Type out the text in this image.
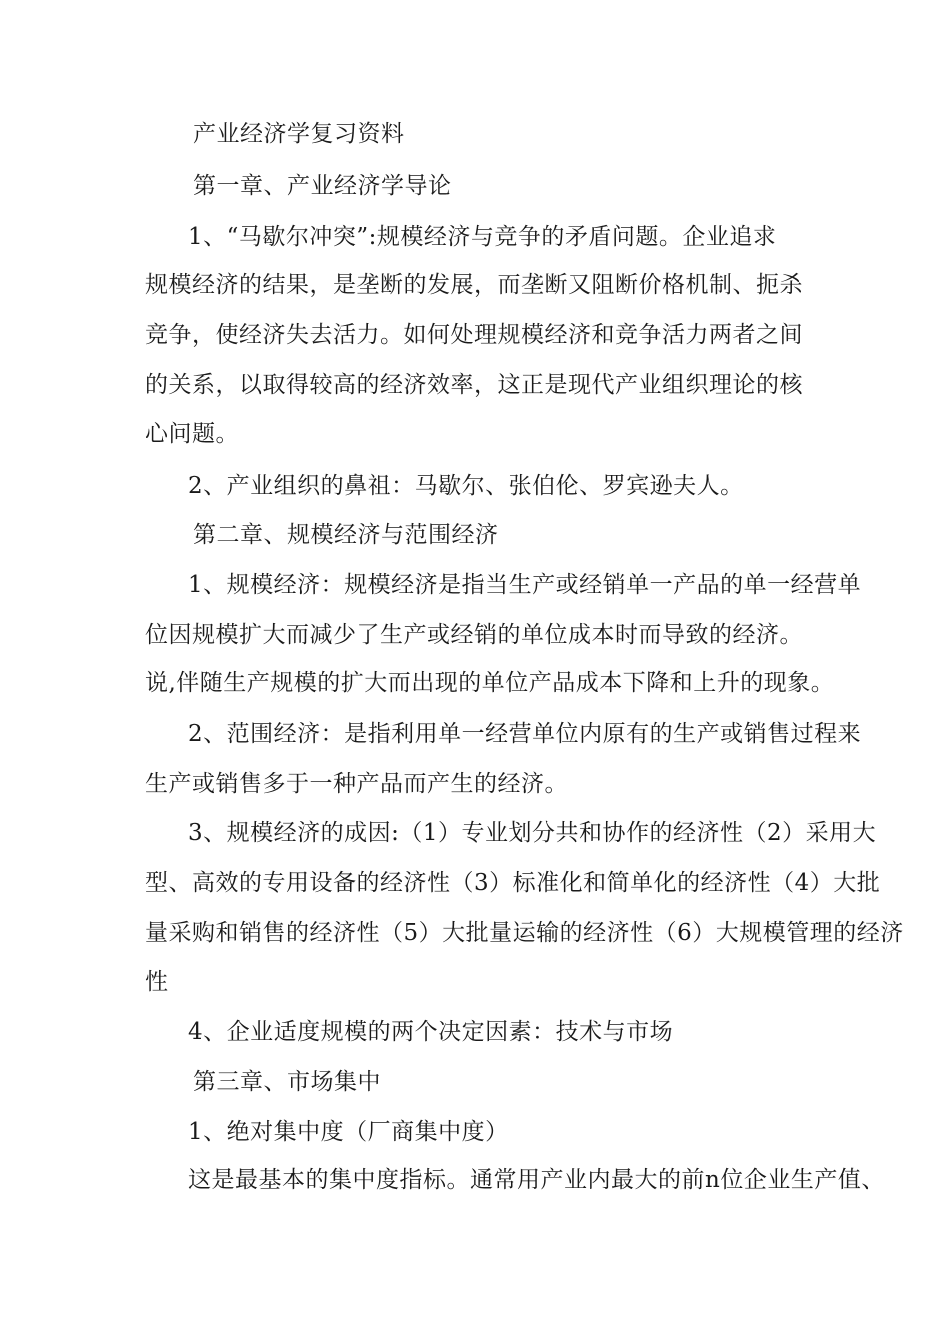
产业经济学复习资料
第一章、产业经济学导论
1、“马歇尔冲突”:规模经济与竞争的矛盾问题。企业追求
规模经济的结果，是垄断的发展，而垄断又阻断价格机制、扼杀
竞争，使经济失去活力。如何处理规模经济和竞争活力两者之间
的关系，以取得较高的经济效率，这正是现代产业组织理论的核
心问题。
2、产业组织的鼻祖：马歇尔、张伯伦、罗宾逊夫人。
第二章、规模经济与范围经济
1、规模经济：规模经济是指当生产或经销单一产品的单一经营单
位因规模扩大而减少了生产或经销的单位成本时而导致的经济。
说,伴随生产规模的扩大而出现的单位产品成本下降和上升的现象。
2、范围经济：是指利用单一经营单位内原有的生产或销售过程来
生产或销售多于一种产品而产生的经济。
3、规模经济的成因:（1）专业划分共和协作的经济性（2）采用大
型、高效的专用设备的经济性（3）标准化和简单化的经济性（4）大批
量采购和销售的经济性（5）大批量运输的经济性（6）大规模管理的经济
性
4、企业适度规模的两个决定因素：技术与市场
第三章、市场集中
1、绝对集中度（厂商集中度）
这是最基本的集中度指标。通常用产业内最大的前n位企业生产值、
